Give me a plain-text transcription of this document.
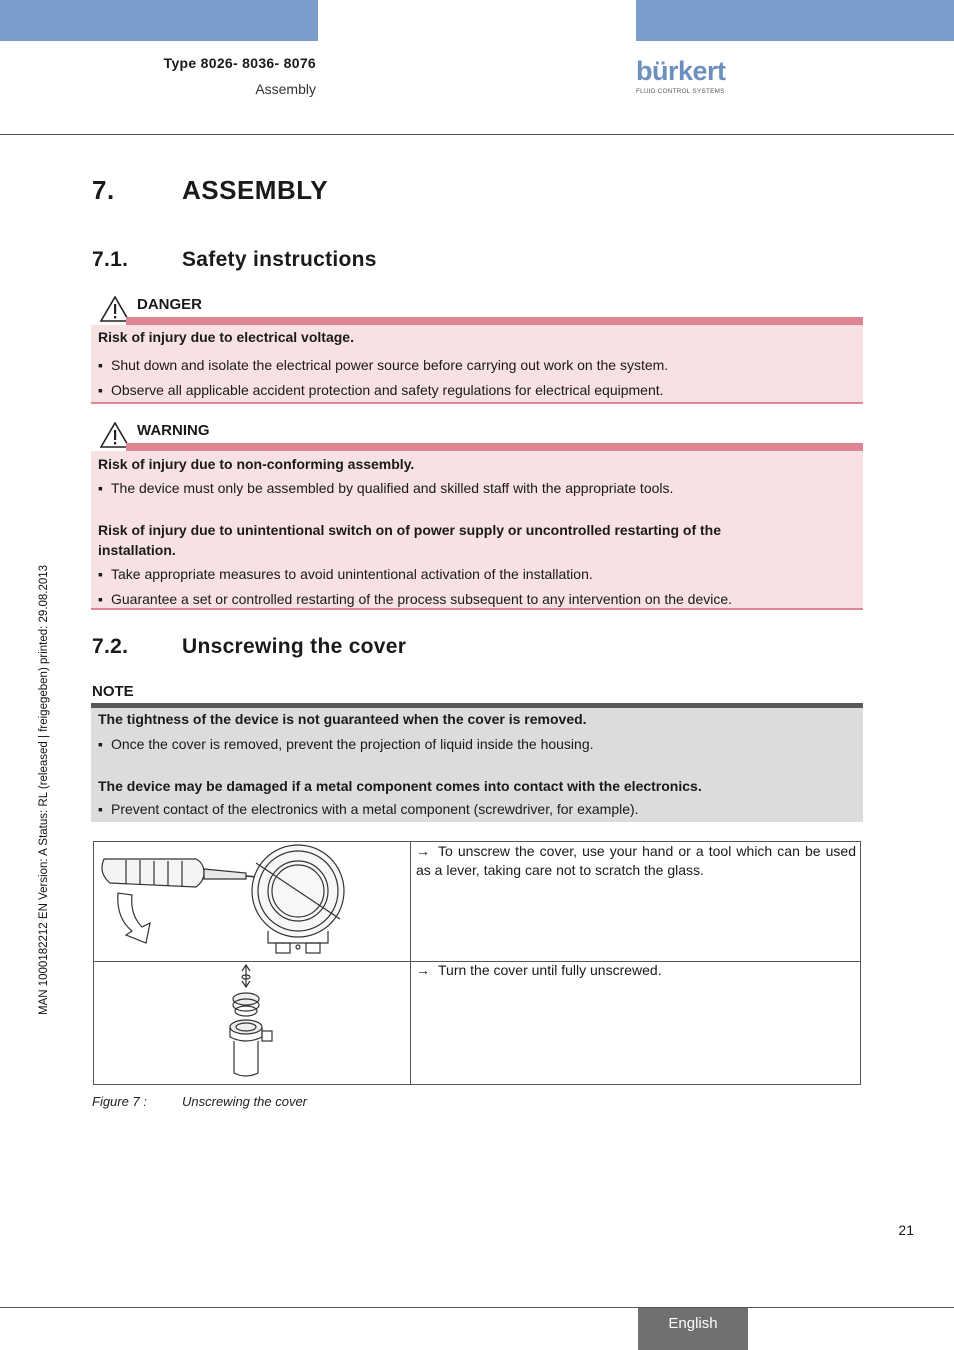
Type 8026- 8036- 8076
Assembly
bürkert
FLUID CONTROL SYSTEMS
MAN 1000182212 EN Version: A Status: RL (released | freigegeben) printed: 29.08.2013
7.	ASSEMBLY
7.1.	Safety instructions
DANGER
Risk of injury due to electrical voltage.
▪ Shut down and isolate the electrical power source before carrying out work on the system.
▪ Observe all applicable accident protection and safety regulations for electrical equipment.
WARNING
Risk of injury due to non-conforming assembly.
▪ The device must only be assembled by qualified and skilled staff with the appropriate tools.
Risk of injury due to unintentional switch on of power supply or uncontrolled restarting of the installation.
▪ Take appropriate measures to avoid unintentional activation of the installation.
▪ Guarantee a set or controlled restarting of the process subsequent to any intervention on the device.
7.2.	Unscrewing the cover
NOTE
The tightness of the device is not guaranteed when the cover is removed.
▪ Once the cover is removed, prevent the projection of liquid inside the housing.
The device may be damaged if a metal component comes into contact with the electronics.
▪ Prevent contact of the electronics with a metal component (screwdriver, for example).
→ To unscrew the cover, use your hand or a tool which can be used as a lever, taking care not to scratch the glass.
→ Turn the cover until fully unscrewed.
Figure 7 :	Unscrewing the cover
21
English
